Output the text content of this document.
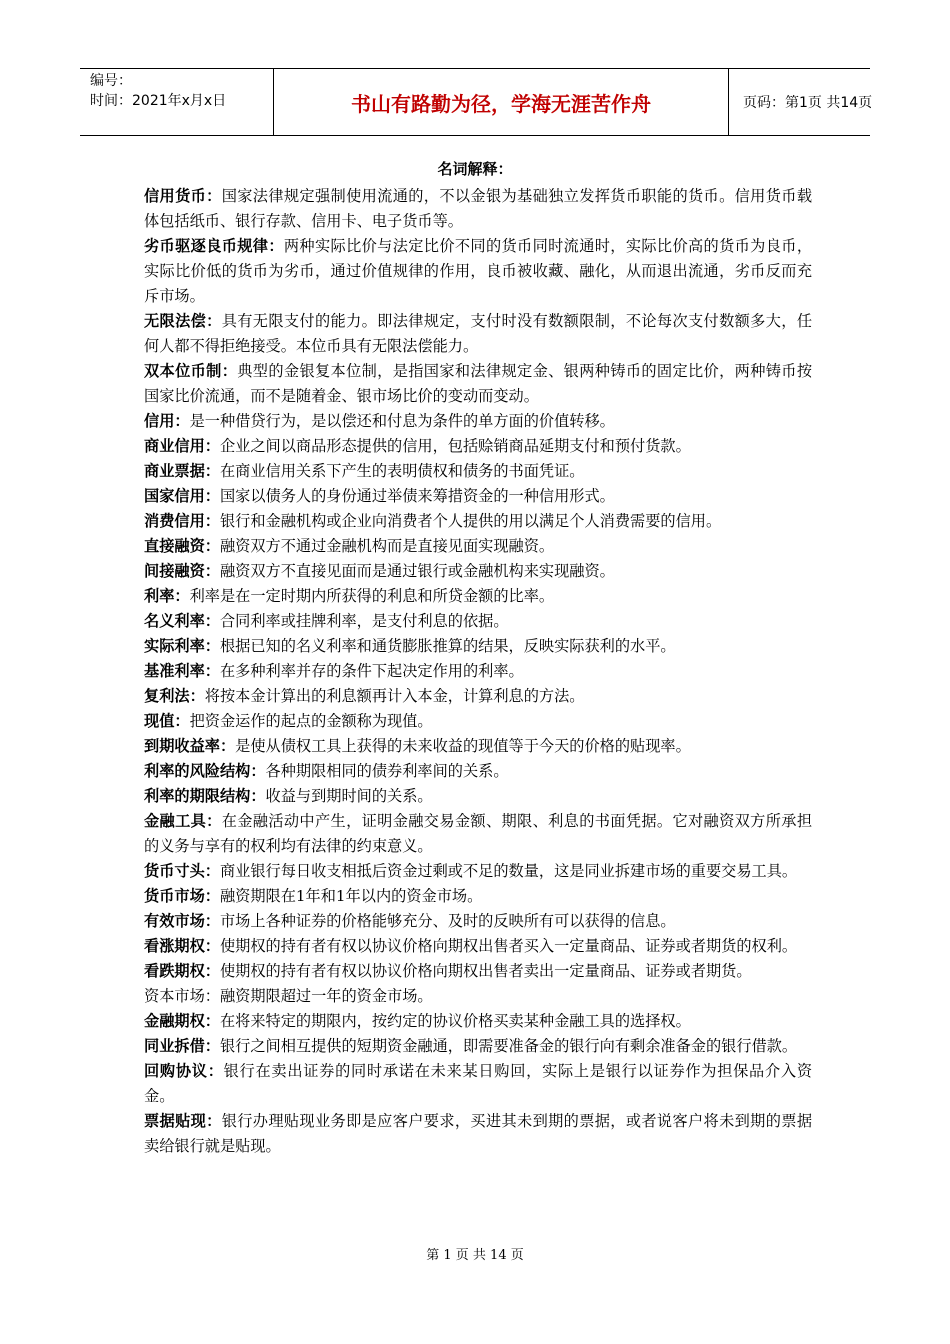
编号：
时间：2021年x月x日	书山有路勤为径，学海无涯苦作舟	页码：第1页 共14页
名词解释：

信用货币：国家法律规定强制使用流通的，不以金银为基础独立发挥货币职能的货币。信用货币载体包括纸币、银行存款、信用卡、电子货币等。

劣币驱逐良币规律：两种实际比价与法定比价不同的货币同时流通时，实际比价高的货币为良币，实际比价低的货币为劣币，通过价值规律的作用，良币被收藏、融化，从而退出流通，劣币反而充斥市场。

无限法偿：具有无限支付的能力。即法律规定，支付时没有数额限制，不论每次支付数额多大，任何人都不得拒绝接受。本位币具有无限法偿能力。

双本位币制：典型的金银复本位制，是指国家和法律规定金、银两种铸币的固定比价，两种铸币按国家比价流通，而不是随着金、银市场比价的变动而变动。

信用：是一种借贷行为，是以偿还和付息为条件的单方面的价值转移。

商业信用：企业之间以商品形态提供的信用，包括赊销商品延期支付和预付货款。

商业票据：在商业信用关系下产生的表明债权和债务的书面凭证。

国家信用：国家以债务人的身份通过举债来筹措资金的一种信用形式。

消费信用：银行和金融机构或企业向消费者个人提供的用以满足个人消费需要的信用。

直接融资：融资双方不通过金融机构而是直接见面实现融资。

间接融资：融资双方不直接见面而是通过银行或金融机构来实现融资。

利率：利率是在一定时期内所获得的利息和所贷金额的比率。

名义利率：合同利率或挂牌利率，是支付利息的依据。

实际利率：根据已知的名义利率和通货膨胀推算的结果，反映实际获利的水平。

基准利率：在多种利率并存的条件下起决定作用的利率。

复利法：将按本金计算出的利息额再计入本金，计算利息的方法。

现值：把资金运作的起点的金额称为现值。

到期收益率：是使从债权工具上获得的未来收益的现值等于今天的价格的贴现率。

利率的风险结构：各种期限相同的债券利率间的关系。

利率的期限结构：收益与到期时间的关系。

金融工具：在金融活动中产生，证明金融交易金额、期限、利息的书面凭据。它对融资双方所承担的义务与享有的权利均有法律的约束意义。

货币寸头：商业银行每日收支相抵后资金过剩或不足的数量，这是同业拆建市场的重要交易工具。

货币市场：融资期限在1年和1年以内的资金市场。

有效市场：市场上各种证券的价格能够充分、及时的反映所有可以获得的信息。

看涨期权：使期权的持有者有权以协议价格向期权出售者买入一定量商品、证券或者期货的权利。

看跌期权：使期权的持有者有权以协议价格向期权出售者卖出一定量商品、证券或者期货。

资本市场：融资期限超过一年的资金市场。

金融期权：在将来特定的期限内，按约定的协议价格买卖某种金融工具的选择权。

同业拆借：银行之间相互提供的短期资金融通，即需要准备金的银行向有剩余准备金的银行借款。

回购协议：银行在卖出证券的同时承诺在未来某日购回，实际上是银行以证券作为担保品介入资金。

票据贴现：银行办理贴现业务即是应客户要求，买进其未到期的票据，或者说客户将未到期的票据卖给银行就是贴现。

第 1 页 共 14 页
